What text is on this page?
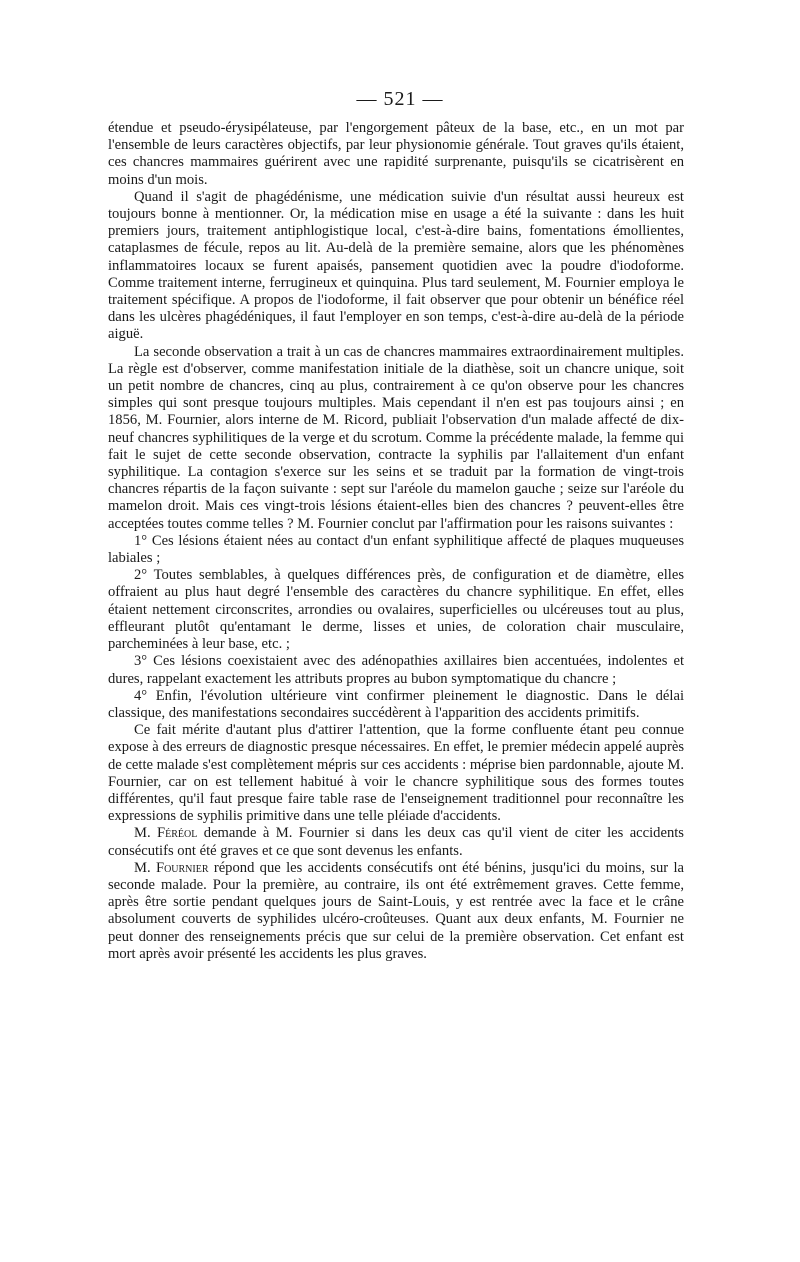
— 521 —

étendue et pseudo-érysipélateuse, par l'engorgement pâteux de la base, etc., en un mot par l'ensemble de leurs caractères objectifs, par leur physionomie générale. Tout graves qu'ils étaient, ces chancres mammaires guérirent avec une rapidité surprenante, puisqu'ils se cicatrisèrent en moins d'un mois.

Quand il s'agit de phagédénisme, une médication suivie d'un résultat aussi heureux est toujours bonne à mentionner. Or, la médication mise en usage a été la suivante : dans les huit premiers jours, traitement antiphlogistique local, c'est-à-dire bains, fomentations émollientes, cataplasmes de fécule, repos au lit. Au-delà de la première semaine, alors que les phénomènes inflammatoires locaux se furent apaisés, pansement quotidien avec la poudre d'iodoforme. Comme traitement interne, ferrugineux et quinquina. Plus tard seulement, M. Fournier employa le traitement spécifique. A propos de l'iodoforme, il fait observer que pour obtenir un bénéfice réel dans les ulcères phagédéniques, il faut l'employer en son temps, c'est-à-dire au-delà de la période aiguë.

La seconde observation a trait à un cas de chancres mammaires extraordinairement multiples. La règle est d'observer, comme manifestation initiale de la diathèse, soit un chancre unique, soit un petit nombre de chancres, cinq au plus, contrairement à ce qu'on observe pour les chancres simples qui sont presque toujours multiples. Mais cependant il n'en est pas toujours ainsi ; en 1856, M. Fournier, alors interne de M. Ricord, publiait l'observation d'un malade affecté de dix-neuf chancres syphilitiques de la verge et du scrotum. Comme la précédente malade, la femme qui fait le sujet de cette seconde observation, contracte la syphilis par l'allaitement d'un enfant syphilitique. La contagion s'exerce sur les seins et se traduit par la formation de vingt-trois chancres répartis de la façon suivante : sept sur l'aréole du mamelon gauche ; seize sur l'aréole du mamelon droit. Mais ces vingt-trois lésions étaient-elles bien des chancres ? peuvent-elles être acceptées toutes comme telles ? M. Fournier conclut par l'affirmation pour les raisons suivantes :

1° Ces lésions étaient nées au contact d'un enfant syphilitique affecté de plaques muqueuses labiales ;

2° Toutes semblables, à quelques différences près, de configuration et de diamètre, elles offraient au plus haut degré l'ensemble des caractères du chancre syphilitique. En effet, elles étaient nettement circonscrites, arrondies ou ovalaires, superficielles ou ulcéreuses tout au plus, effleurant plutôt qu'entamant le derme, lisses et unies, de coloration chair musculaire, parcheminées à leur base, etc. ;

3° Ces lésions coexistaient avec des adénopathies axillaires bien accentuées, indolentes et dures, rappelant exactement les attributs propres au bubon symptomatique du chancre ;

4° Enfin, l'évolution ultérieure vint confirmer pleinement le diagnostic. Dans le délai classique, des manifestations secondaires succédèrent à l'apparition des accidents primitifs.

Ce fait mérite d'autant plus d'attirer l'attention, que la forme confluente étant peu connue expose à des erreurs de diagnostic presque nécessaires. En effet, le premier médecin appelé auprès de cette malade s'est complètement mépris sur ces accidents : méprise bien pardonnable, ajoute M. Fournier, car on est tellement habitué à voir le chancre syphilitique sous des formes toutes différentes, qu'il faut presque faire table rase de l'enseignement traditionnel pour reconnaître les expressions de syphilis primitive dans une telle pléiade d'accidents.

M. Féréol demande à M. Fournier si dans les deux cas qu'il vient de citer les accidents consécutifs ont été graves et ce que sont devenus les enfants.

M. Fournier répond que les accidents consécutifs ont été bénins, jusqu'ici du moins, sur la seconde malade. Pour la première, au contraire, ils ont été extrêmement graves. Cette femme, après être sortie pendant quelques jours de Saint-Louis, y est rentrée avec la face et le crâne absolument couverts de syphilides ulcéro-croûteuses. Quant aux deux enfants, M. Fournier ne peut donner des renseignements précis que sur celui de la première observation. Cet enfant est mort après avoir présenté les accidents les plus graves.
